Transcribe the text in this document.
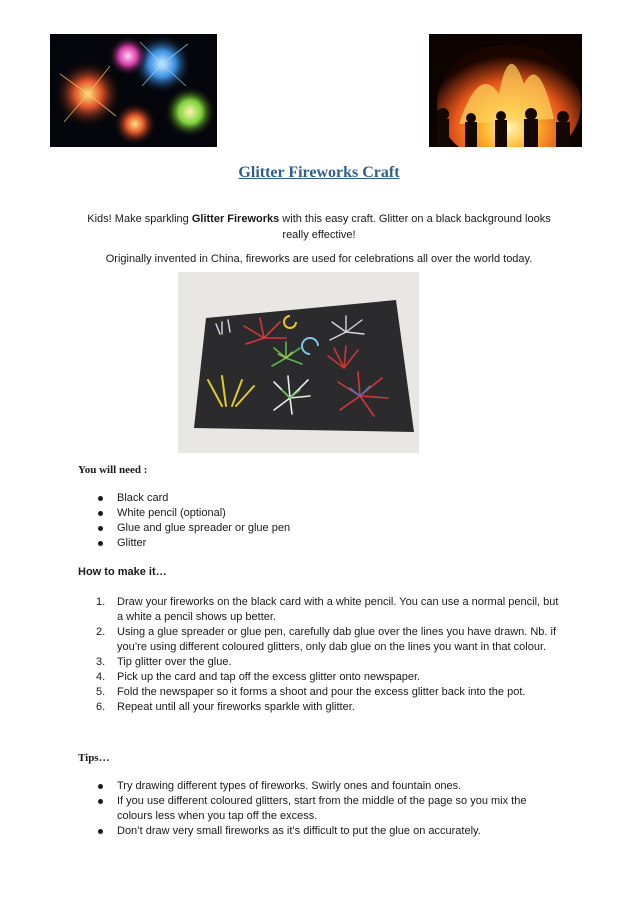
Glitter Fireworks Craft

Kids! Make sparkling Glitter Fireworks with this easy craft. Glitter on a black background looks really effective!

Originally invented in China, fireworks are used for celebrations all over the world today.

You will need :
Black card
White pencil (optional)
Glue and glue spreader or glue pen
Glitter
How to make it…
1. Draw your fireworks on the black card with a white pencil. You can use a normal pencil, but a white a pencil shows up better.
2. Using a glue spreader or glue pen, carefully dab glue over the lines you have drawn. Nb. if you’re using different coloured glitters, only dab glue on the lines you want in that colour.
3. Tip glitter over the glue.
4. Pick up the card and tap off the excess glitter onto newspaper.
5. Fold the newspaper so it forms a shoot and pour the excess glitter back into the pot.
6. Repeat until all your fireworks sparkle with glitter.
Tips…
Try drawing different types of fireworks. Swirly ones and fountain ones.
If you use different coloured glitters, start from the middle of the page so you mix the colours less when you tap off the excess.
Don’t draw very small fireworks as it’s difficult to put the glue on accurately.
